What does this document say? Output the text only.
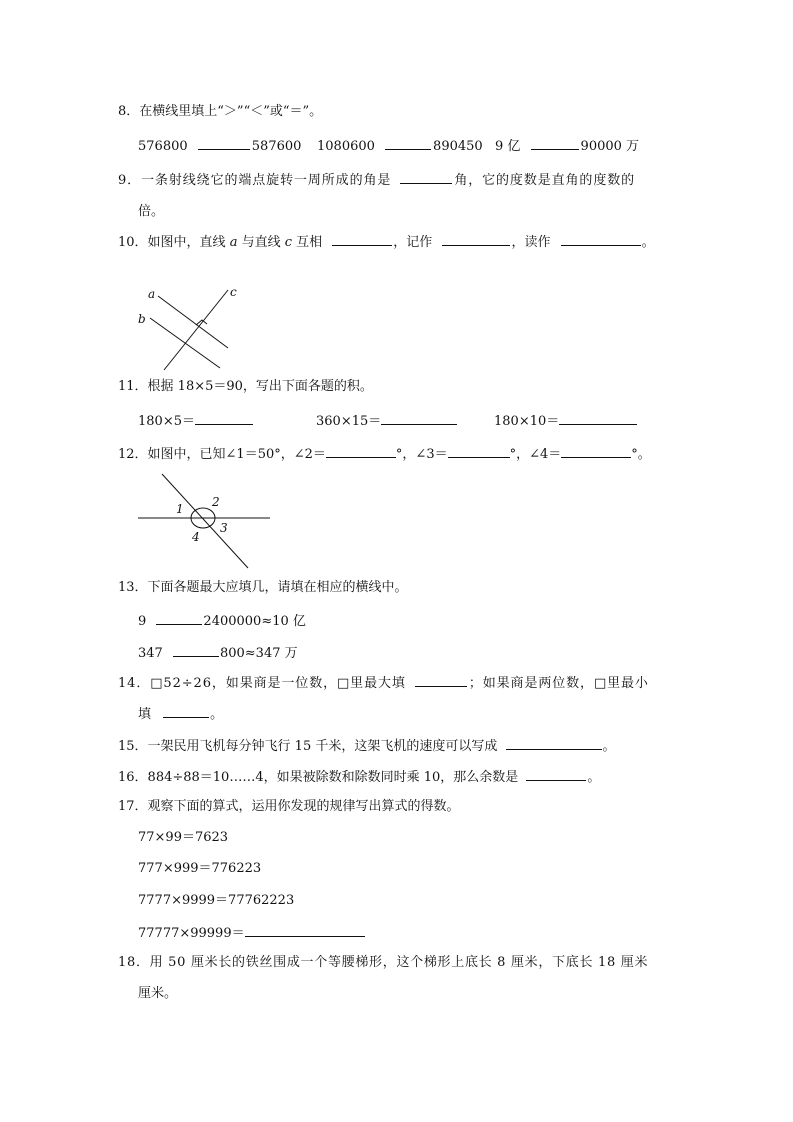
8．在横线里填上“＞”“＜”或“＝”。
576800	587600 1080600	890450 9 亿	90000 万
9．一条射线绕它的端点旋转一周所成的角是	角，它的度数是直角的度数的
倍。
10．如图中，直线 a 与直线 c 互相	，记作	，读作	。
a
b
c
11．根据 18×5＝90，写出下面各题的积。
180×5＝	360×15＝	180×10＝
12．如图中，已知∠1＝50°，∠2＝	°，∠3＝	°，∠4＝	°。
1 2
3
4
13．下面各题最大应填几，请填在相应的横线中。
9	2400000≈10 亿
347	800≈347 万
14．□52÷26，如果商是一位数，□里最大填	；如果商是两位数，□里最小
填	。
15．一架民用飞机每分钟飞行 15 千米，这架飞机的速度可以写成	。
16．884÷88＝10……4，如果被除数和除数同时乘 10，那么余数是	。
17．观察下面的算式，运用你发现的规律写出算式的得数。
77×99＝7623
777×999＝776223
7777×9999＝77762223
77777×99999＝
18．用 50 厘米长的铁丝围成一个等腰梯形，这个梯形上底长 8 厘米，下底长 18 厘米
厘米。
